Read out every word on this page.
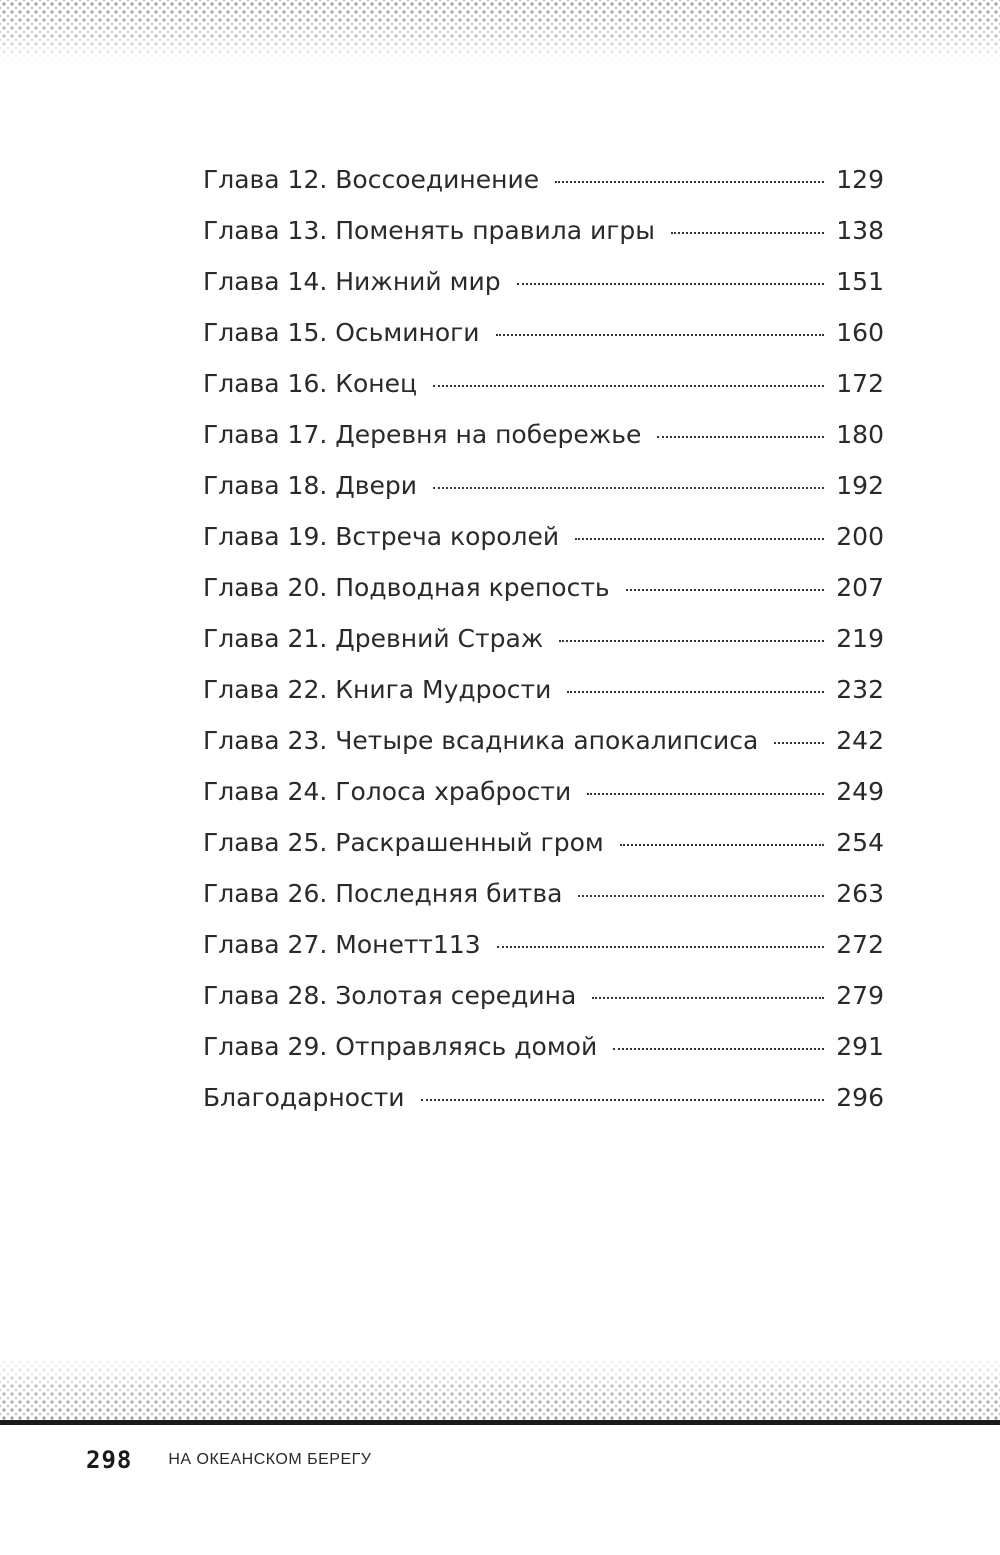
Глава 12. Воссоединение	129
Глава 13. Поменять правила игры	138
Глава 14. Нижний мир	151
Глава 15. Осьминоги	160
Глава 16. Конец	172
Глава 17. Деревня на побережье	180
Глава 18. Двери	192
Глава 19. Встреча королей	200
Глава 20. Подводная крепость	207
Глава 21. Древний Страж	219
Глава 22. Книга Мудрости	232
Глава 23. Четыре всадника апокалипсиса	242
Глава 24. Голоса храбрости	249
Глава 25. Раскрашенный гром	254
Глава 26. Последняя битва	263
Глава 27. Монетт113	272
Глава 28. Золотая середина	279
Глава 29. Отправляясь домой	291
Благодарности	296
298 НА ОКЕАНСКОМ БЕРЕГУ
